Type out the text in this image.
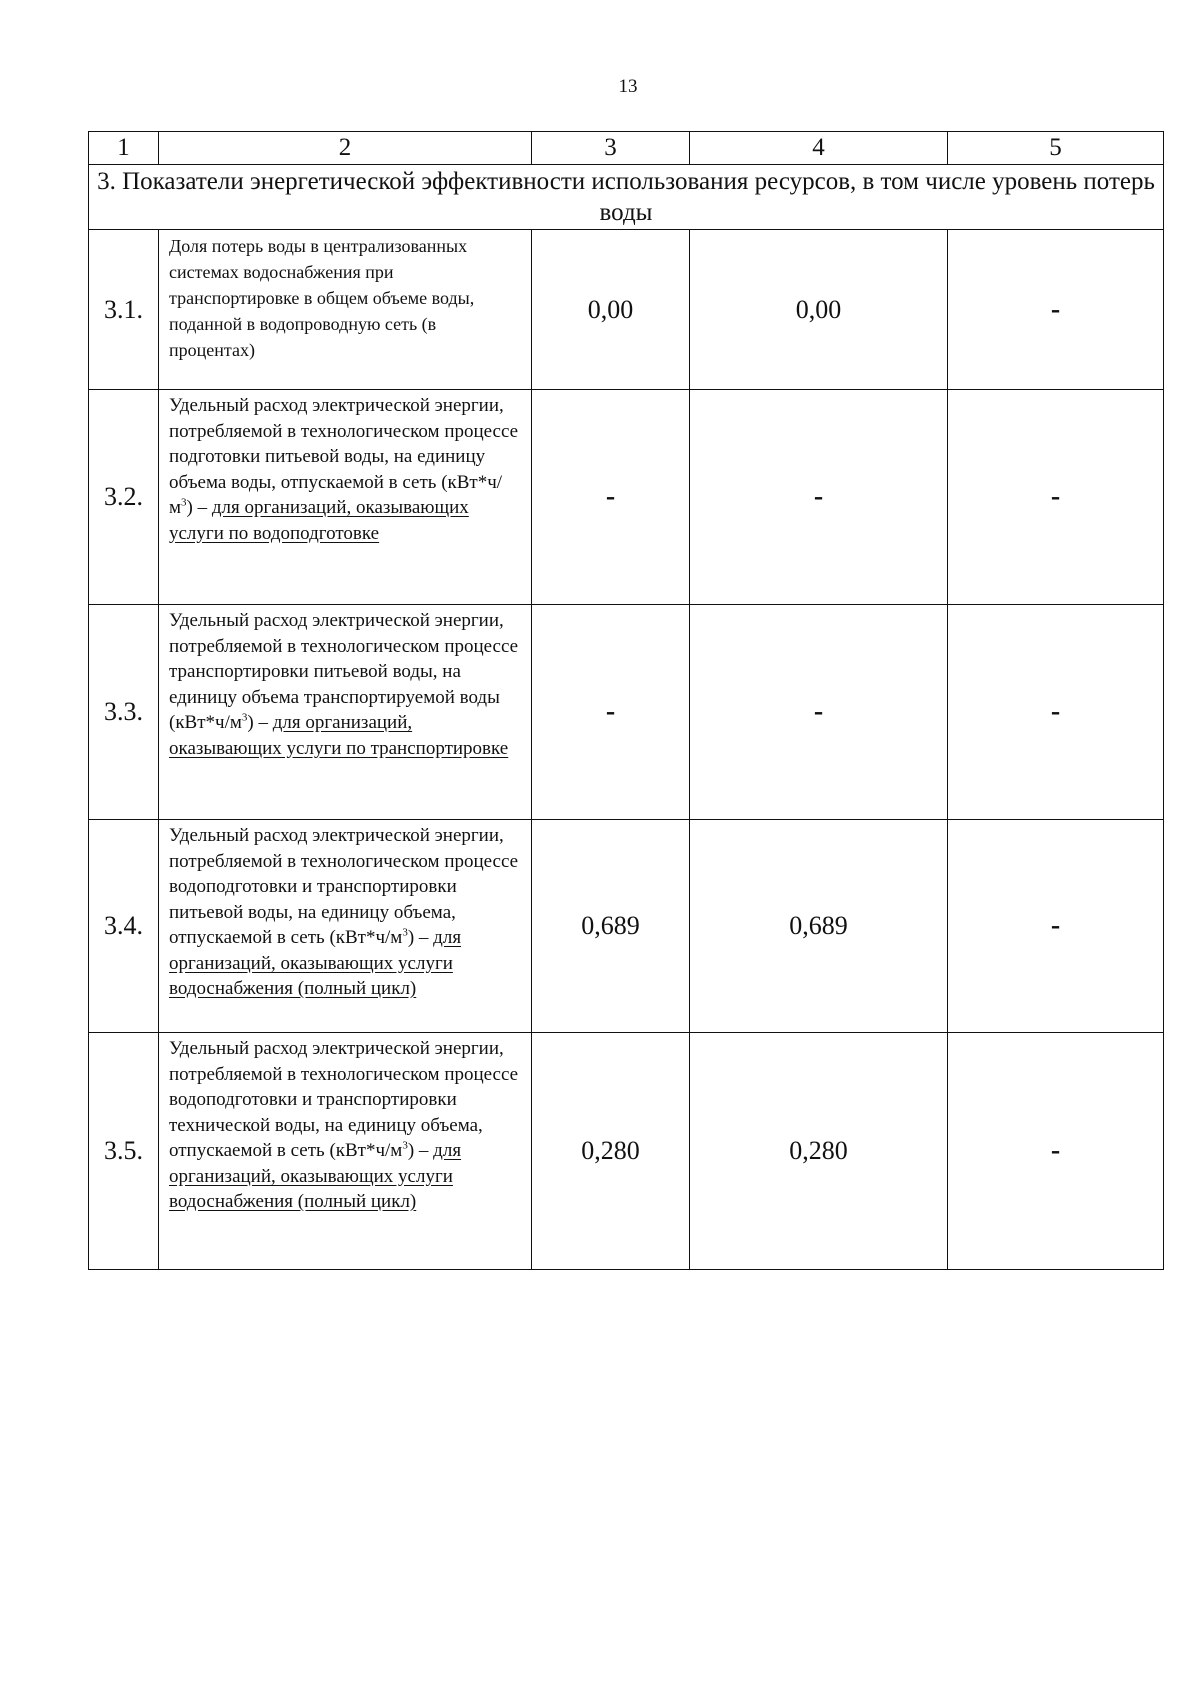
13
1	2	3	4	5
3. Показатели энергетической эффективности использования ресурсов, в том числе уровень потерь воды				
3.1.	Доля потерь воды в централизованных системах водоснабжения при транспортировке в общем объеме воды, поданной в водопроводную сеть (в процентах)	0,00	0,00	-
3.2.	Удельный расход электрической энергии, потребляемой в технологическом процессе подготовки питьевой воды, на единицу объема воды, отпускаемой в сеть $(кВт*ч/м^3)$ – для организаций, оказывающих услуги по водоподготовке	-	-	-
3.3.	Удельный расход электрической энергии, потребляемой в технологическом процессе транспортировки питьевой воды, на единицу объема транспортируемой воды $(кВт*ч/м^3)$ – для организаций, оказывающих услуги по транспортировке	-	-	-
3.4.	Удельный расход электрической энергии, потребляемой в технологическом процессе водоподготовки и транспортировки питьевой воды, на единицу объема, отпускаемой в сеть $(кВт*ч/м^3)$ – для организаций, оказывающих услуги водоснабжения (полный цикл)	0,689	0,689	-
3.5.	Удельный расход электрической энергии, потребляемой в технологическом процессе водоподготовки и транспортировки технической воды, на единицу объема, отпускаемой в сеть $(кВт*ч/м^3)$ – для организаций, оказывающих услуги водоснабжения (полный цикл)	0,280	0,280	-
